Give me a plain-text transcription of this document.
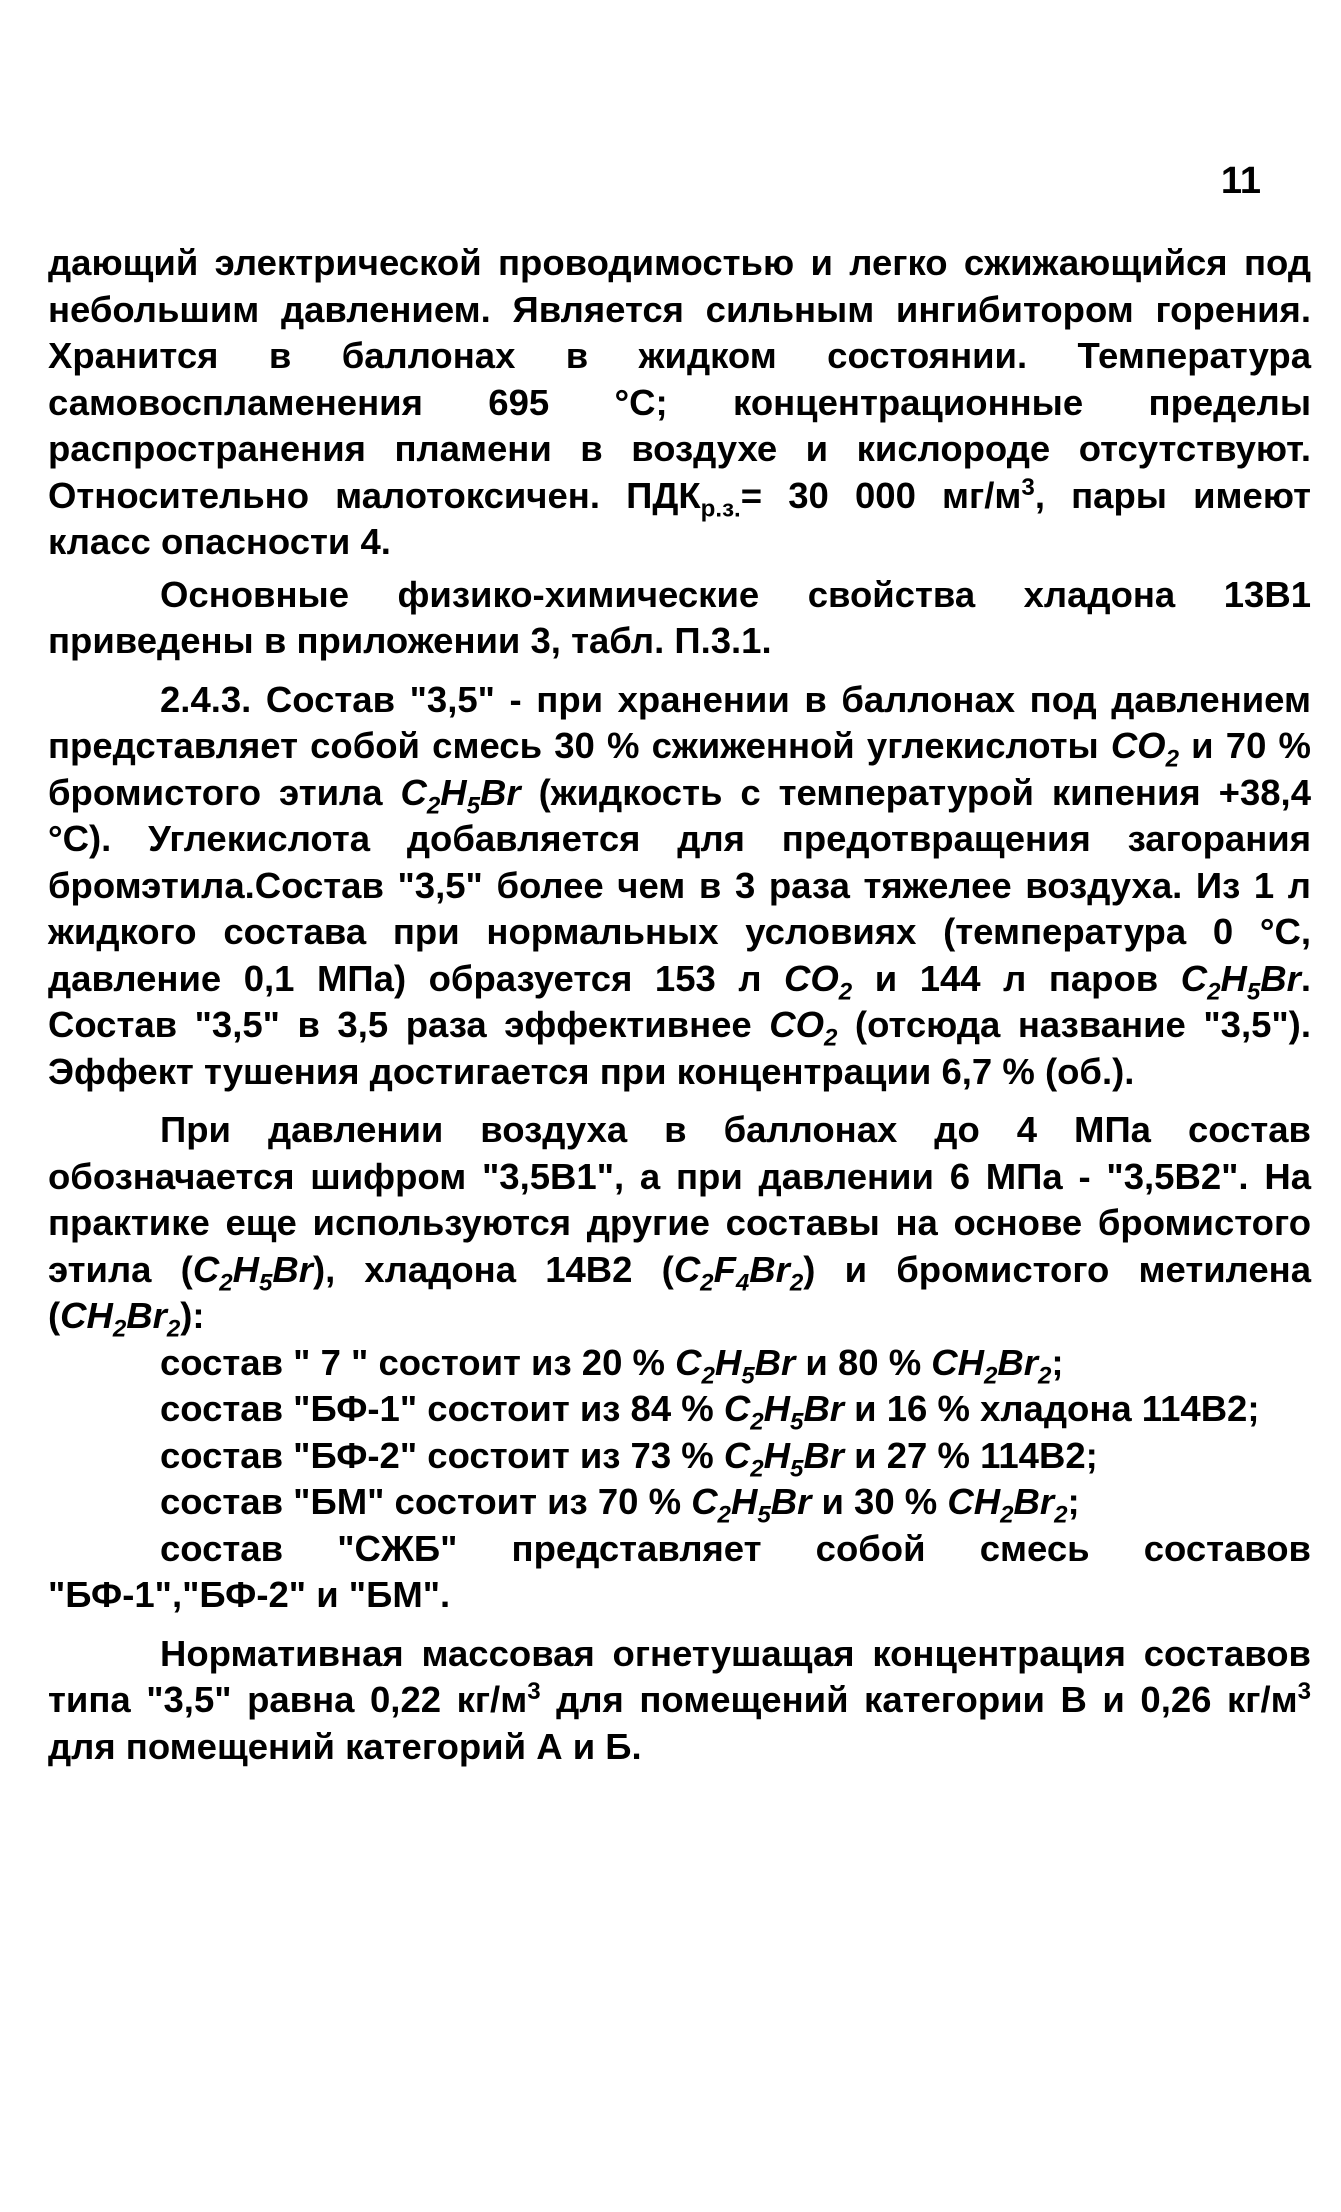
11

дающий электрической проводимостью и легко сжижающийся под небольшим давлением. Является сильным ингибитором горения. Хранится в баллонах в жидком состоянии. Температура самовоспламенения 695 °С; концентрационные пределы распространения пламени в воздухе и кислороде отсутствуют. Относительно малотоксичен. $ПДК_{р.з.}= 30$ 000 $мг/м^3$, пары имеют класс опасности 4.

Основные физико-химические свойства хладона 13В1 приведены в приложении 3, табл. П.3.1.

2.4.3. Состав "3,5" - при хранении в баллонах под давлением представляет собой смесь 30 % сжиженной углекислоты $СО_2$ и 70 % бромистого этила $С_2Н_5Br$ (жидкость с температурой кипения +38,4 °С). Углекислота добавляется для предотвращения загорания бромэтила.Состав "3,5" более чем в 3 раза тяжелее воздуха. Из 1 л жидкого состава при нормальных условиях (температура 0 °С, давление 0,1 МПа) образуется 153 л $СО_2$ и 144 л паров $С_2Н_5Br$. Состав "3,5" в 3,5 раза эффективнее $СО_2$ (отсюда название "3,5"). Эффект тушения достигается при концентрации 6,7 % (об.).

При давлении воздуха в баллонах до 4 МПа состав обозначается шифром "3,5В1", а при давлении 6 МПа - "3,5В2". На практике еще используются другие составы на основе бромистого этила $(С_2Н_5Br)$, хладона 14В2 $(С_2F_4Br_2)$ и бромистого метилена $(СН_2Br_2)$:

состав " 7 " состоит из 20 % $С_2Н_5Br$ и 80 % $СН_2Br_2$;

состав "БФ-1" состоит из 84 % $С_2Н_5Br$ и 16 % хладона 114В2;

состав "БФ-2" состоит из 73 % $С_2Н_5Br$ и 27 % 114В2;

состав "БМ" состоит из 70 % $С_2Н_5Br$ и 30 % $СН_2Br_2$;

состав "СЖБ" представляет собой смесь составов "БФ-1","БФ-2" и "БМ".

Нормативная массовая огнетушащая концентрация составов типа "3,5" равна 0,22 $кг/м^3$ для помещений категории В и 0,26 $кг/м^3$ для помещений категорий А и Б.
